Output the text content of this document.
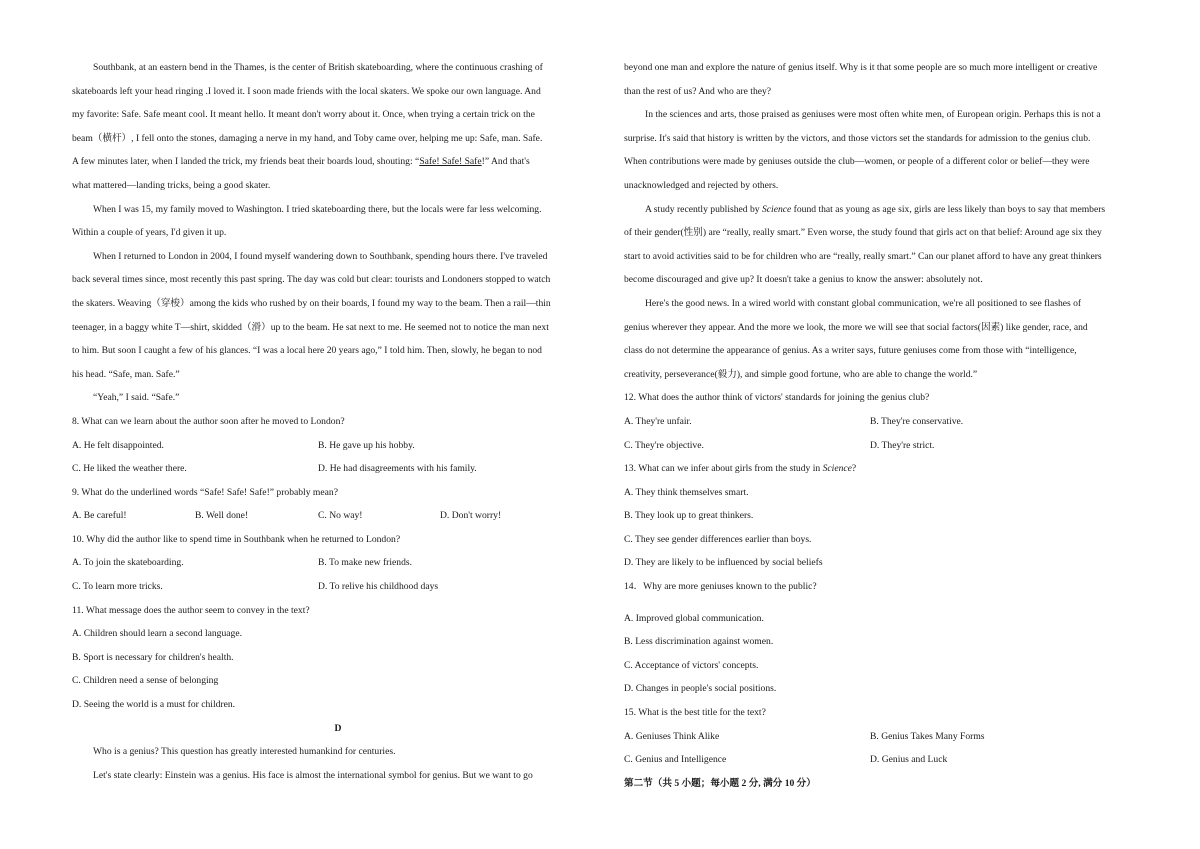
Southbank, at an eastern bend in the Thames, is the center of British skateboarding, where the continuous crashing of
skateboards left your head ringing .I loved it. I soon made friends with the local skaters. We spoke our own language. And
my favorite: Safe. Safe meant cool. It meant hello. It meant don't worry about it. Once, when trying a certain trick on the
beam（横杆）, I fell onto the stones, damaging a nerve in my hand, and Toby came over, helping me up: Safe, man. Safe.
A few minutes later, when I landed the trick, my friends beat their boards loud, shouting: “Safe! Safe! Safe!” And that's
what mattered—landing tricks, being a good skater.
When I was 15, my family moved to Washington. I tried skateboarding there, but the locals were far less welcoming.
Within a couple of years, I'd given it up.
When I returned to London in 2004, I found myself wandering down to Southbank, spending hours there. I've traveled
back several times since, most recently this past spring. The day was cold but clear: tourists and Londoners stopped to watch
the skaters. Weaving（穿梭）among the kids who rushed by on their boards, I found my way to the beam. Then a rail—thin
teenager, in a baggy white T—shirt, skidded（滑）up to the beam. He sat next to me. He seemed not to notice the man next
to him. But soon I caught a few of his glances. “I was a local here 20 years ago,” I told him. Then, slowly, he began to nod
his head. “Safe, man. Safe.”
“Yeah,” I said. “Safe.”
8. What can we learn about the author soon after he moved to London?
A. He felt disappointed.	B. He gave up his hobby.
C. He liked the weather there.	D. He had disagreements with his family.
9. What do the underlined words “Safe! Safe! Safe!” probably mean?
A. Be careful!	B. Well done!	C. No way!	D. Don't worry!
10. Why did the author like to spend time in Southbank when he returned to London?
A. To join the skateboarding.	B. To make new friends.
C. To learn more tricks.	D. To relive his childhood days
11. What message does the author seem to convey in the text?
A. Children should learn a second language.
B. Sport is necessary for children's health.
C. Children need a sense of belonging
D. Seeing the world is a must for children.
D
Who is a genius? This question has greatly interested humankind for centuries.
Let's state clearly: Einstein was a genius. His face is almost the international symbol for genius. But we want to go
beyond one man and explore the nature of genius itself. Why is it that some people are so much more intelligent or creative
than the rest of us? And who are they?
In the sciences and arts, those praised as geniuses were most often white men, of European origin. Perhaps this is not a
surprise. It's said that history is written by the victors, and those victors set the standards for admission to the genius club.
When contributions were made by geniuses outside the club—women, or people of a different color or belief—they were
unacknowledged and rejected by others.
A study recently published by Science found that as young as age six, girls are less likely than boys to say that members
of their gender(性别) are “really, really smart.” Even worse, the study found that girls act on that belief: Around age six they
start to avoid activities said to be for children who are “really, really smart.” Can our planet afford to have any great thinkers
become discouraged and give up? It doesn't take a genius to know the answer: absolutely not.
Here's the good news. In a wired world with constant global communication, we're all positioned to see flashes of
genius wherever they appear. And the more we look, the more we will see that social factors(因素) like gender, race, and
class do not determine the appearance of genius. As a writer says, future geniuses come from those with “intelligence,
creativity, perseverance(毅力), and simple good fortune, who are able to change the world.”
12. What does the author think of victors' standards for joining the genius club?
A. They're unfair.	B. They're conservative.
C. They're objective.	D. They're strict.
13. What can we infer about girls from the study in Science?
A. They think themselves smart.
B. They look up to great thinkers.
C. They see gender differences earlier than boys.
D. They are likely to be influenced by social beliefs
14．Why are more geniuses known to the public?
A. Improved global communication.
B. Less discrimination against women.
C. Acceptance of victors' concepts.
D. Changes in people's social positions.
15. What is the best title for the text?
A. Geniuses Think Alike	B. Genius Takes Many Forms
C. Genius and Intelligence	D. Genius and Luck
第二节（共 5 小题；每小题 2 分, 满分 10 分）
